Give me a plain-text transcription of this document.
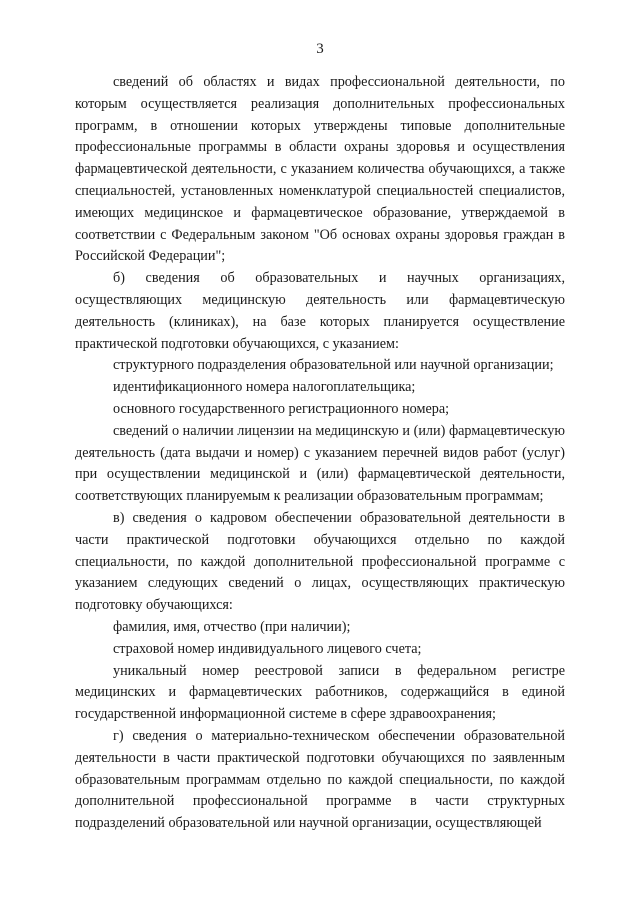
3

сведений об областях и видах профессиональной деятельности, по которым осуществляется реализация дополнительных профессиональных программ, в отношении которых утверждены типовые дополнительные профессиональные программы в области охраны здоровья и осуществления фармацевтической деятельности, с указанием количества обучающихся, а также специальностей, установленных номенклатурой специальностей специалистов, имеющих медицинское и фармацевтическое образование, утверждаемой в соответствии с Федеральным законом "Об основах охраны здоровья граждан в Российской Федерации";

б) сведения об образовательных и научных организациях, осуществляющих медицинскую деятельность или фармацевтическую деятельность (клиниках), на базе которых планируется осуществление практической подготовки обучающихся, с указанием:

структурного подразделения образовательной или научной организации;

идентификационного номера налогоплательщика;

основного государственного регистрационного номера;

сведений о наличии лицензии на медицинскую и (или) фармацевтическую деятельность (дата выдачи и номер) с указанием перечней видов работ (услуг) при осуществлении медицинской и (или) фармацевтической деятельности, соответствующих планируемым к реализации образовательным программам;

в) сведения о кадровом обеспечении образовательной деятельности в части практической подготовки обучающихся отдельно по каждой специальности, по каждой дополнительной профессиональной программе с указанием следующих сведений о лицах, осуществляющих практическую подготовку обучающихся:

фамилия, имя, отчество (при наличии);

страховой номер индивидуального лицевого счета;

уникальный номер реестровой записи в федеральном регистре медицинских и фармацевтических работников, содержащийся в единой государственной информационной системе в сфере здравоохранения;

г) сведения о материально-техническом обеспечении образовательной деятельности в части практической подготовки обучающихся по заявленным образовательным программам отдельно по каждой специальности, по каждой дополнительной профессиональной программе в части структурных подразделений образовательной или научной организации, осуществляющей
